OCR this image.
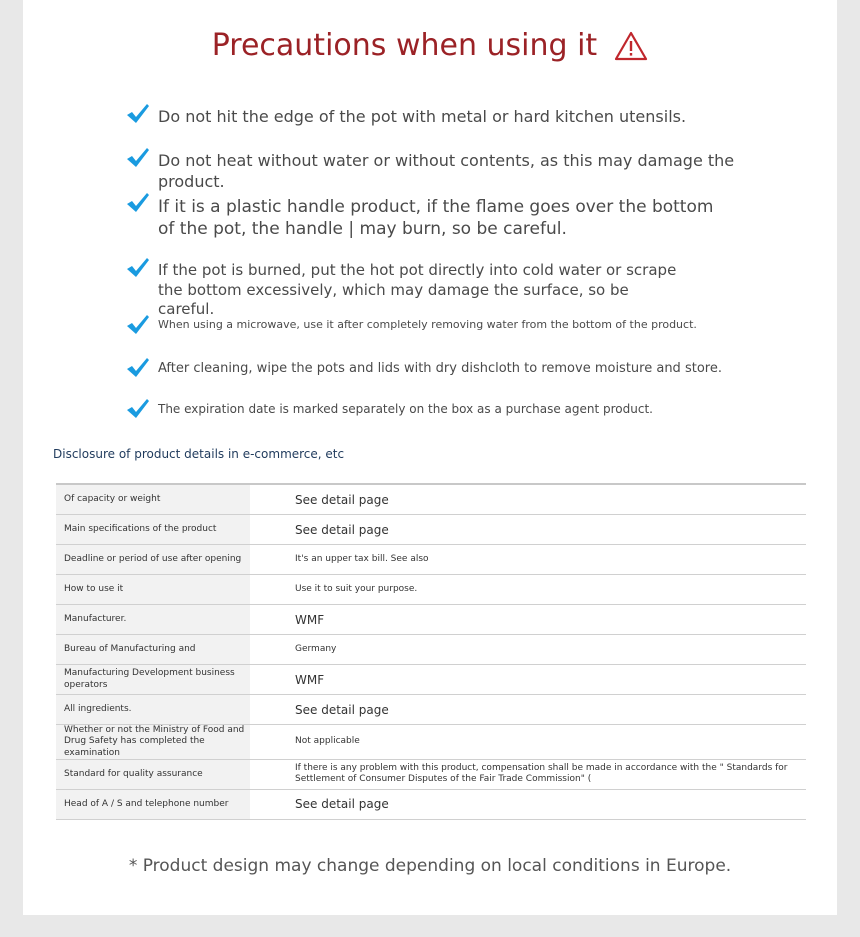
Precautions when using it
Do not hit the edge of the pot with metal or hard kitchen utensils.
Do not heat without water or without contents, as this may damage the product.
If it is a plastic handle product, if the flame goes over the bottom of the pot, the handle | may burn, so be careful.
If the pot is burned, put the hot pot directly into cold water or scrape the bottom excessively, which may damage the surface, so be careful.
When using a microwave, use it after completely removing water from the bottom of the product.
After cleaning, wipe the pots and lids with dry dishcloth to remove moisture and store.
The expiration date is marked separately on the box as a purchase agent product.
Disclosure of product details in e-commerce, etc
Of capacity or weight	See detail page
Main specifications of the product	See detail page
Deadline or period of use after opening	It's an upper tax bill. See also
How to use it	Use it to suit your purpose.
Manufacturer.	WMF
Bureau of Manufacturing and	Germany
Manufacturing Development business operators	WMF
All ingredients.	See detail page
Whether or not the Ministry of Food and Drug Safety has completed the examination	Not applicable
Standard for quality assurance	If there is any problem with this product, compensation shall be made in accordance with the " Standards for Settlement of Consumer Disputes of the Fair Trade Commission" (
Head of A / S and telephone number	See detail page
* Product design may change depending on local conditions in Europe.
